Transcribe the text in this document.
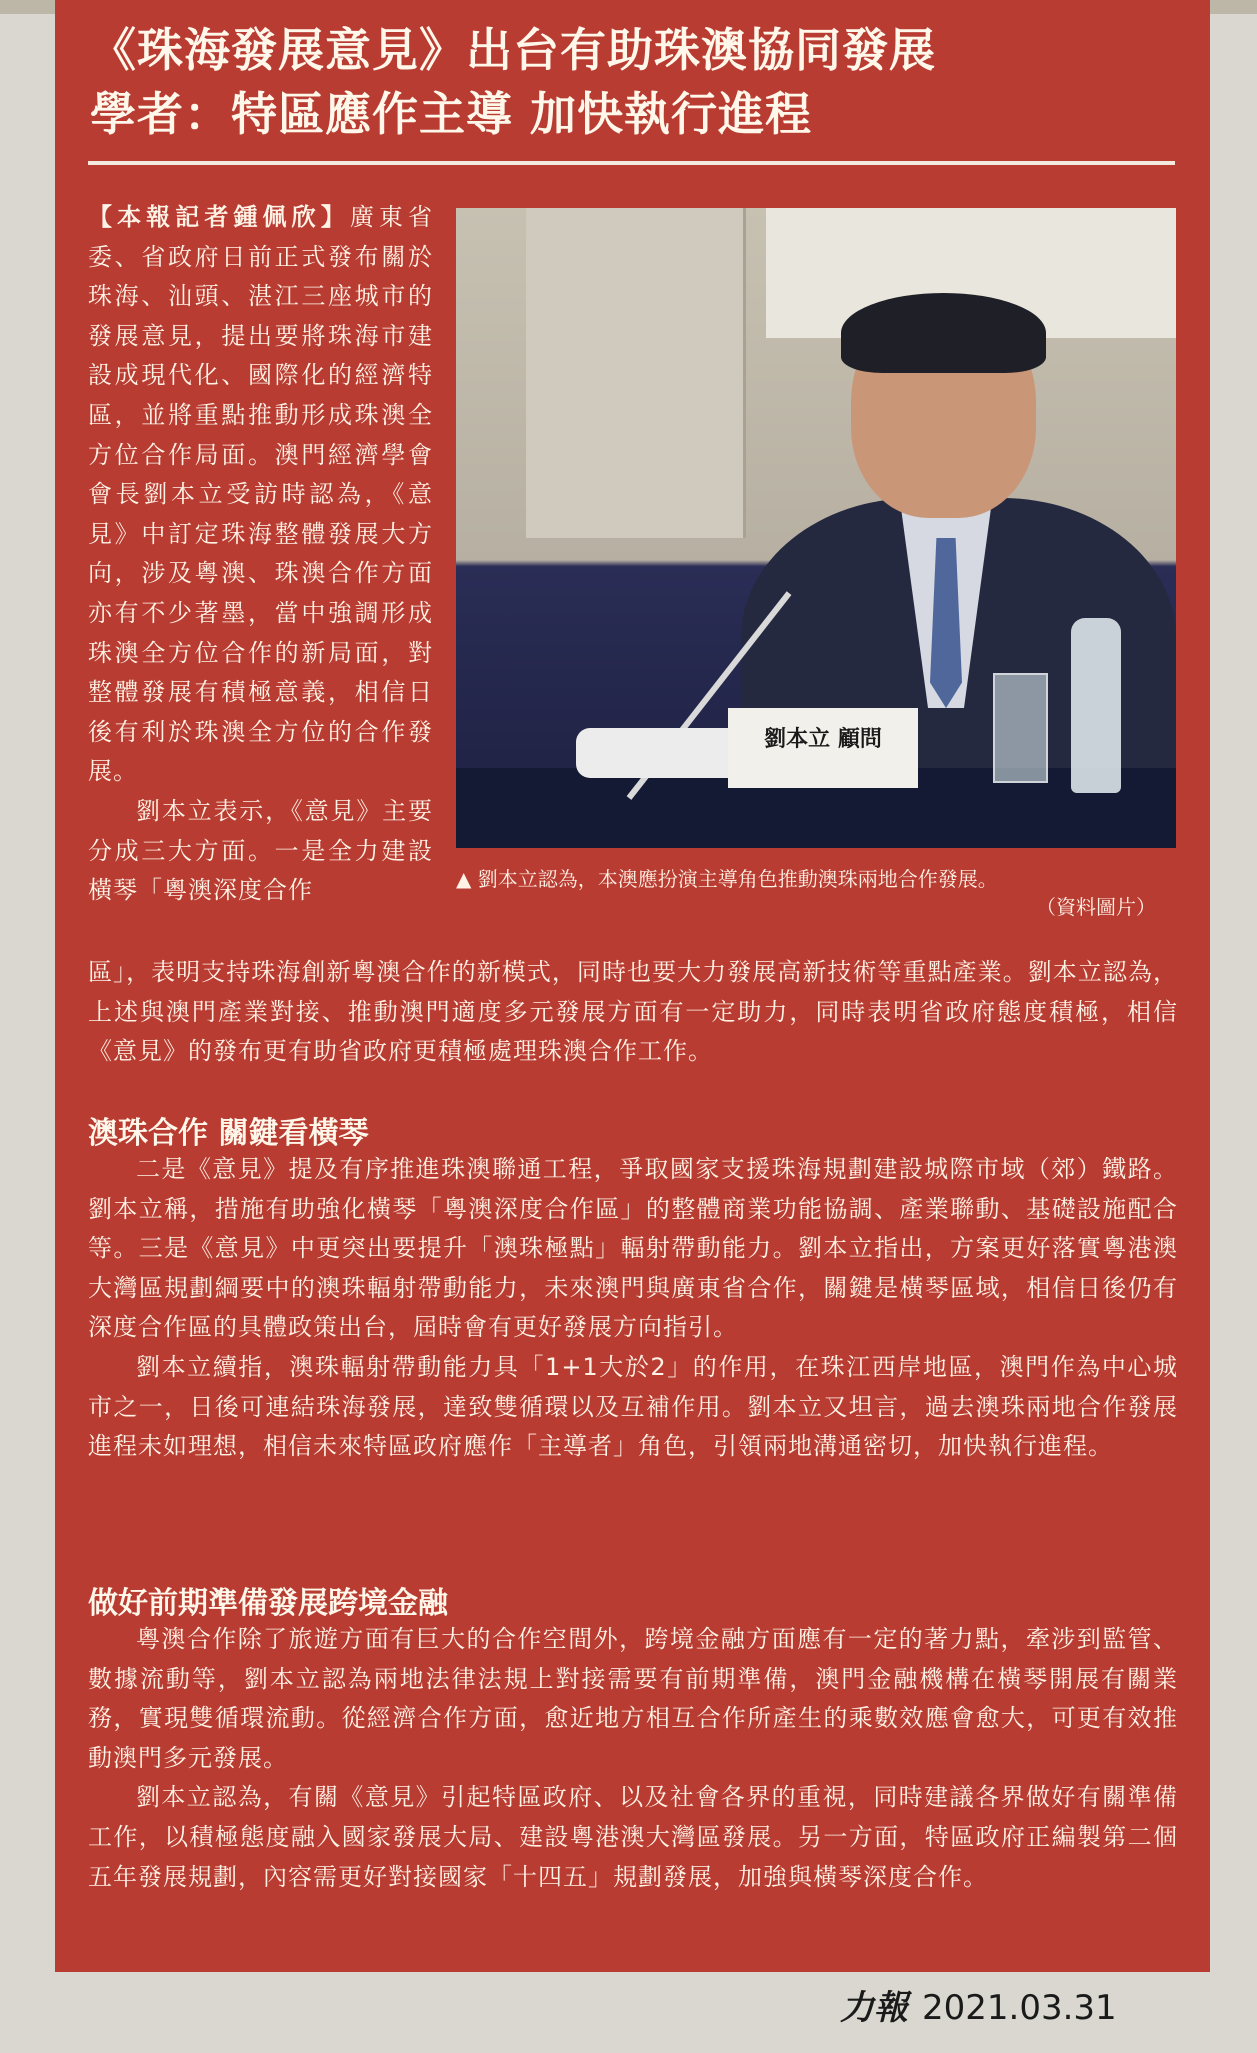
《珠海發展意見》出台有助珠澳協同發展
學者：特區應作主導 加快執行進程

【本報記者鍾佩欣】廣東省委、省政府日前正式發布關於珠海、汕頭、湛江三座城市的發展意見，提出要將珠海市建設成現代化、國際化的經濟特區，並將重點推動形成珠澳全方位合作局面。澳門經濟學會會長劉本立受訪時認為，《意見》中訂定珠海整體發展大方向，涉及粵澳、珠澳合作方面亦有不少著墨，當中強調形成珠澳全方位合作的新局面，對整體發展有積極意義，相信日後有利於珠澳全方位的合作發展。

劉本立表示，《意見》主要分成三大方面。一是全力建設橫琴「粵澳深度合作

劉本立 顧問

▲ 劉本立認為，本澳應扮演主導角色推動澳珠兩地合作發展。
（資料圖片）

區」，表明支持珠海創新粵澳合作的新模式，同時也要大力發展高新技術等重點產業。劉本立認為，上述與澳門產業對接、推動澳門適度多元發展方面有一定助力，同時表明省政府態度積極，相信《意見》的發布更有助省政府更積極處理珠澳合作工作。

澳珠合作 關鍵看橫琴

二是《意見》提及有序推進珠澳聯通工程，爭取國家支援珠海規劃建設城際市域（郊）鐵路。劉本立稱，措施有助強化橫琴「粵澳深度合作區」的整體商業功能協調、產業聯動、基礎設施配合等。三是《意見》中更突出要提升「澳珠極點」輻射帶動能力。劉本立指出，方案更好落實粵港澳大灣區規劃綱要中的澳珠輻射帶動能力，未來澳門與廣東省合作，關鍵是橫琴區域，相信日後仍有深度合作區的具體政策出台，屆時會有更好發展方向指引。

劉本立續指，澳珠輻射帶動能力具「1+1大於2」的作用，在珠江西岸地區，澳門作為中心城市之一，日後可連結珠海發展，達致雙循環以及互補作用。劉本立又坦言，過去澳珠兩地合作發展進程未如理想，相信未來特區政府應作「主導者」角色，引領兩地溝通密切，加快執行進程。

做好前期準備發展跨境金融

粵澳合作除了旅遊方面有巨大的合作空間外，跨境金融方面應有一定的著力點，牽涉到監管、數據流動等，劉本立認為兩地法律法規上對接需要有前期準備，澳門金融機構在橫琴開展有關業務，實現雙循環流動。從經濟合作方面，愈近地方相互合作所產生的乘數效應會愈大，可更有效推動澳門多元發展。

劉本立認為，有關《意見》引起特區政府、以及社會各界的重視，同時建議各界做好有關準備工作，以積極態度融入國家發展大局、建設粵港澳大灣區發展。另一方面，特區政府正編製第二個五年發展規劃，內容需更好對接國家「十四五」規劃發展，加強與橫琴深度合作。

力報 2021.03.31
